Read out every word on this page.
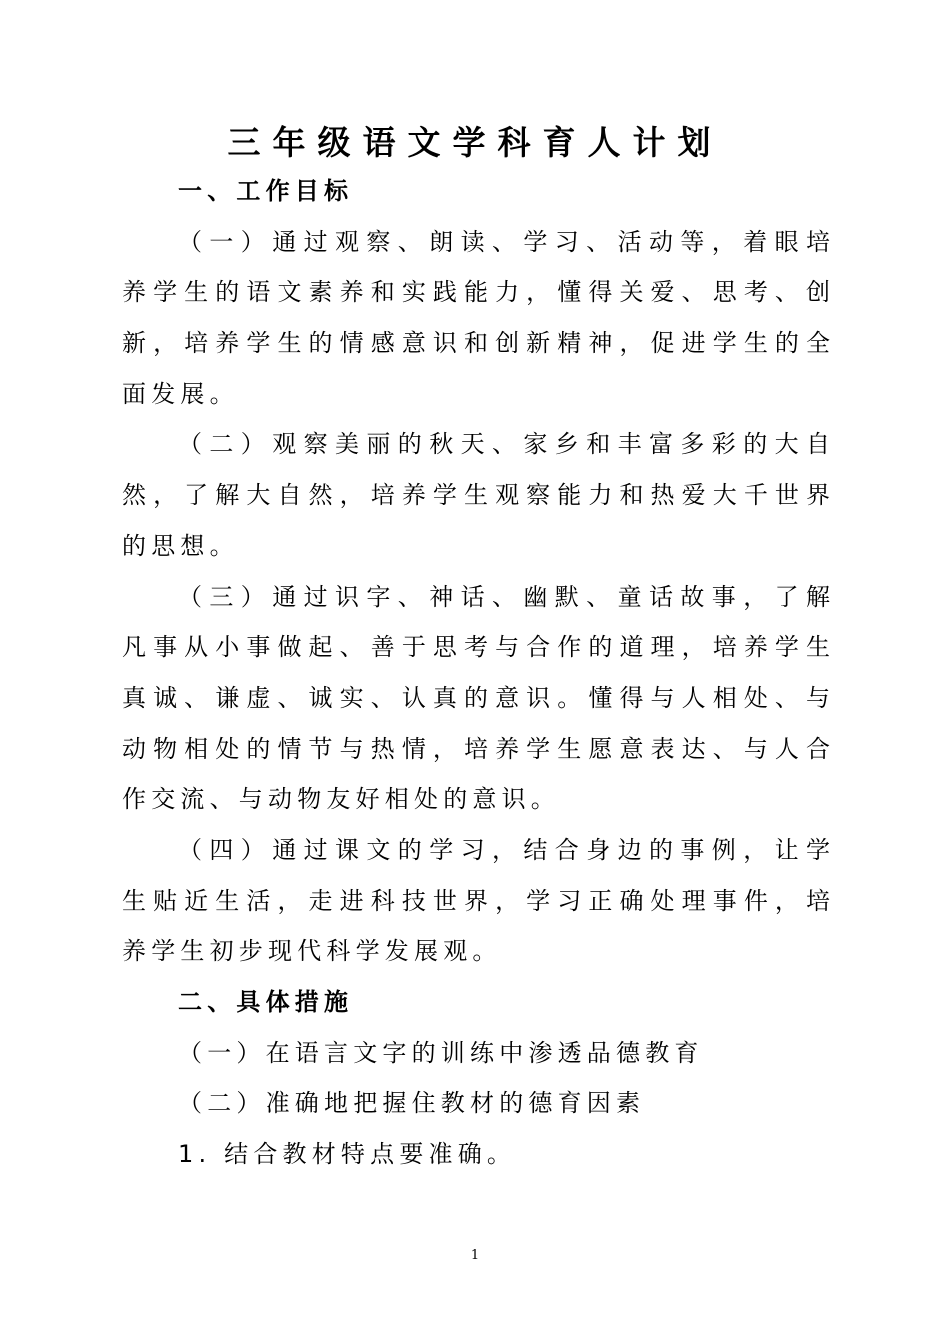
三年级语文学科育人计划
一、工作目标
（一）通过观察、朗读、学习、活动等，着眼培
养学生的语文素养和实践能力，懂得关爱、思考、创
新，培养学生的情感意识和创新精神，促进学生的全
面发展。
（二）观察美丽的秋天、家乡和丰富多彩的大自
然，了解大自然，培养学生观察能力和热爱大千世界
的思想。
（三）通过识字、神话、幽默、童话故事，了解
凡事从小事做起、善于思考与合作的道理，培养学生
真诚、谦虚、诚实、认真的意识。懂得与人相处、与
动物相处的情节与热情，培养学生愿意表达、与人合
作交流、与动物友好相处的意识。
（四）通过课文的学习，结合身边的事例，让学
生贴近生活，走进科技世界，学习正确处理事件，培
养学生初步现代科学发展观。
二、具体措施
（一）在语言文字的训练中渗透品德教育
（二）准确地把握住教材的德育因素
1. 结合教材特点要准确。
1
